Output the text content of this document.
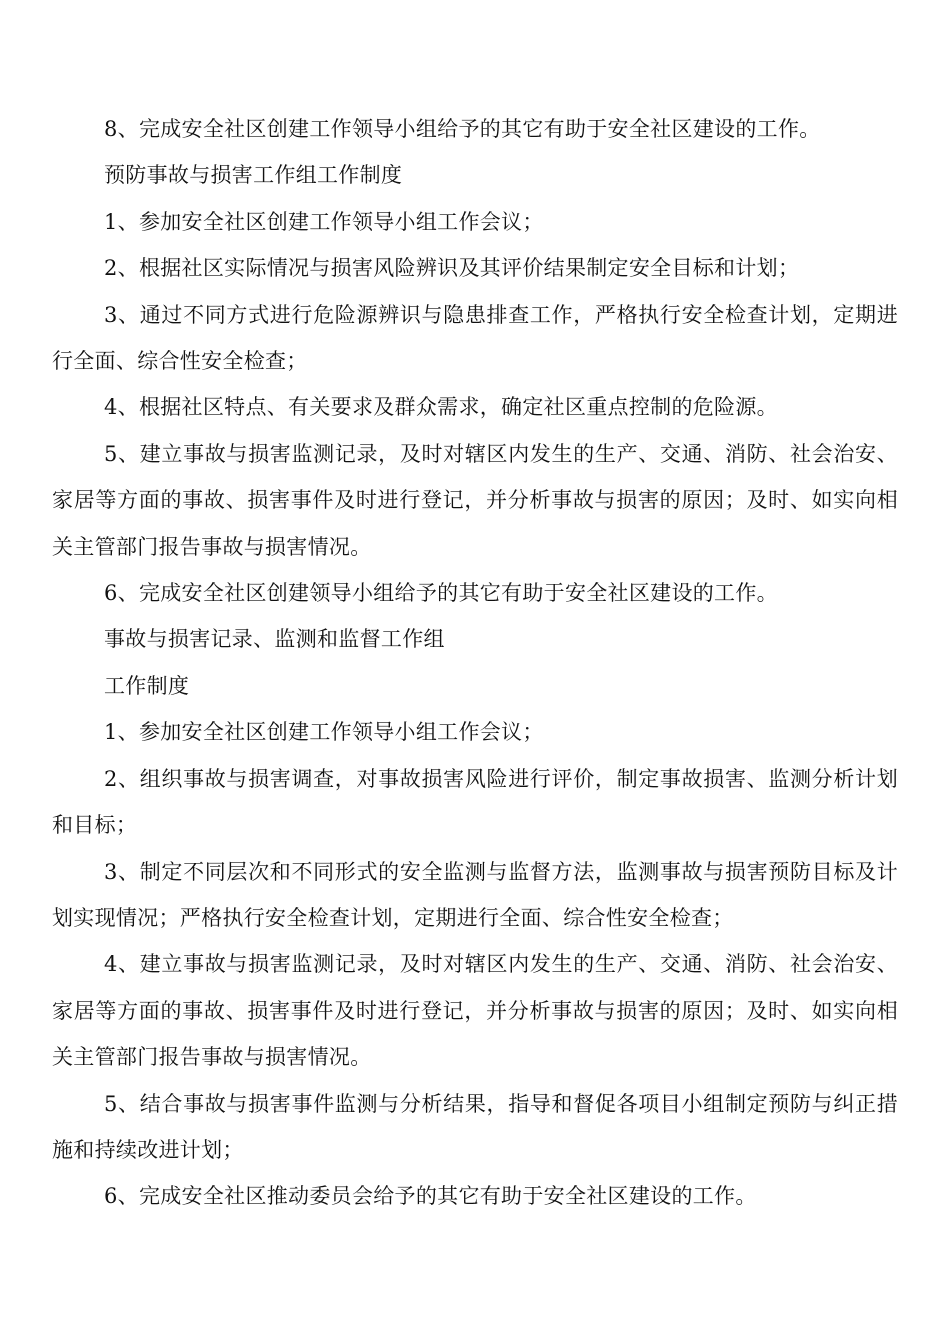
8、完成安全社区创建工作领导小组给予的其它有助于安全社区建设的工作。

预防事故与损害工作组工作制度

1、参加安全社区创建工作领导小组工作会议；

2、根据社区实际情况与损害风险辨识及其评价结果制定安全目标和计划；

3、通过不同方式进行危险源辨识与隐患排查工作，严格执行安全检查计划，定期进行全面、综合性安全检查；

4、根据社区特点、有关要求及群众需求，确定社区重点控制的危险源。

5、建立事故与损害监测记录，及时对辖区内发生的生产、交通、消防、社会治安、家居等方面的事故、损害事件及时进行登记，并分析事故与损害的原因；及时、如实向相关主管部门报告事故与损害情况。

6、完成安全社区创建领导小组给予的其它有助于安全社区建设的工作。

事故与损害记录、监测和监督工作组

工作制度

1、参加安全社区创建工作领导小组工作会议；

2、组织事故与损害调查，对事故损害风险进行评价，制定事故损害、监测分析计划和目标；

3、制定不同层次和不同形式的安全监测与监督方法，监测事故与损害预防目标及计划实现情况；严格执行安全检查计划，定期进行全面、综合性安全检查；

4、建立事故与损害监测记录，及时对辖区内发生的生产、交通、消防、社会治安、家居等方面的事故、损害事件及时进行登记，并分析事故与损害的原因；及时、如实向相关主管部门报告事故与损害情况。

5、结合事故与损害事件监测与分析结果，指导和督促各项目小组制定预防与纠正措施和持续改进计划；

6、完成安全社区推动委员会给予的其它有助于安全社区建设的工作。
